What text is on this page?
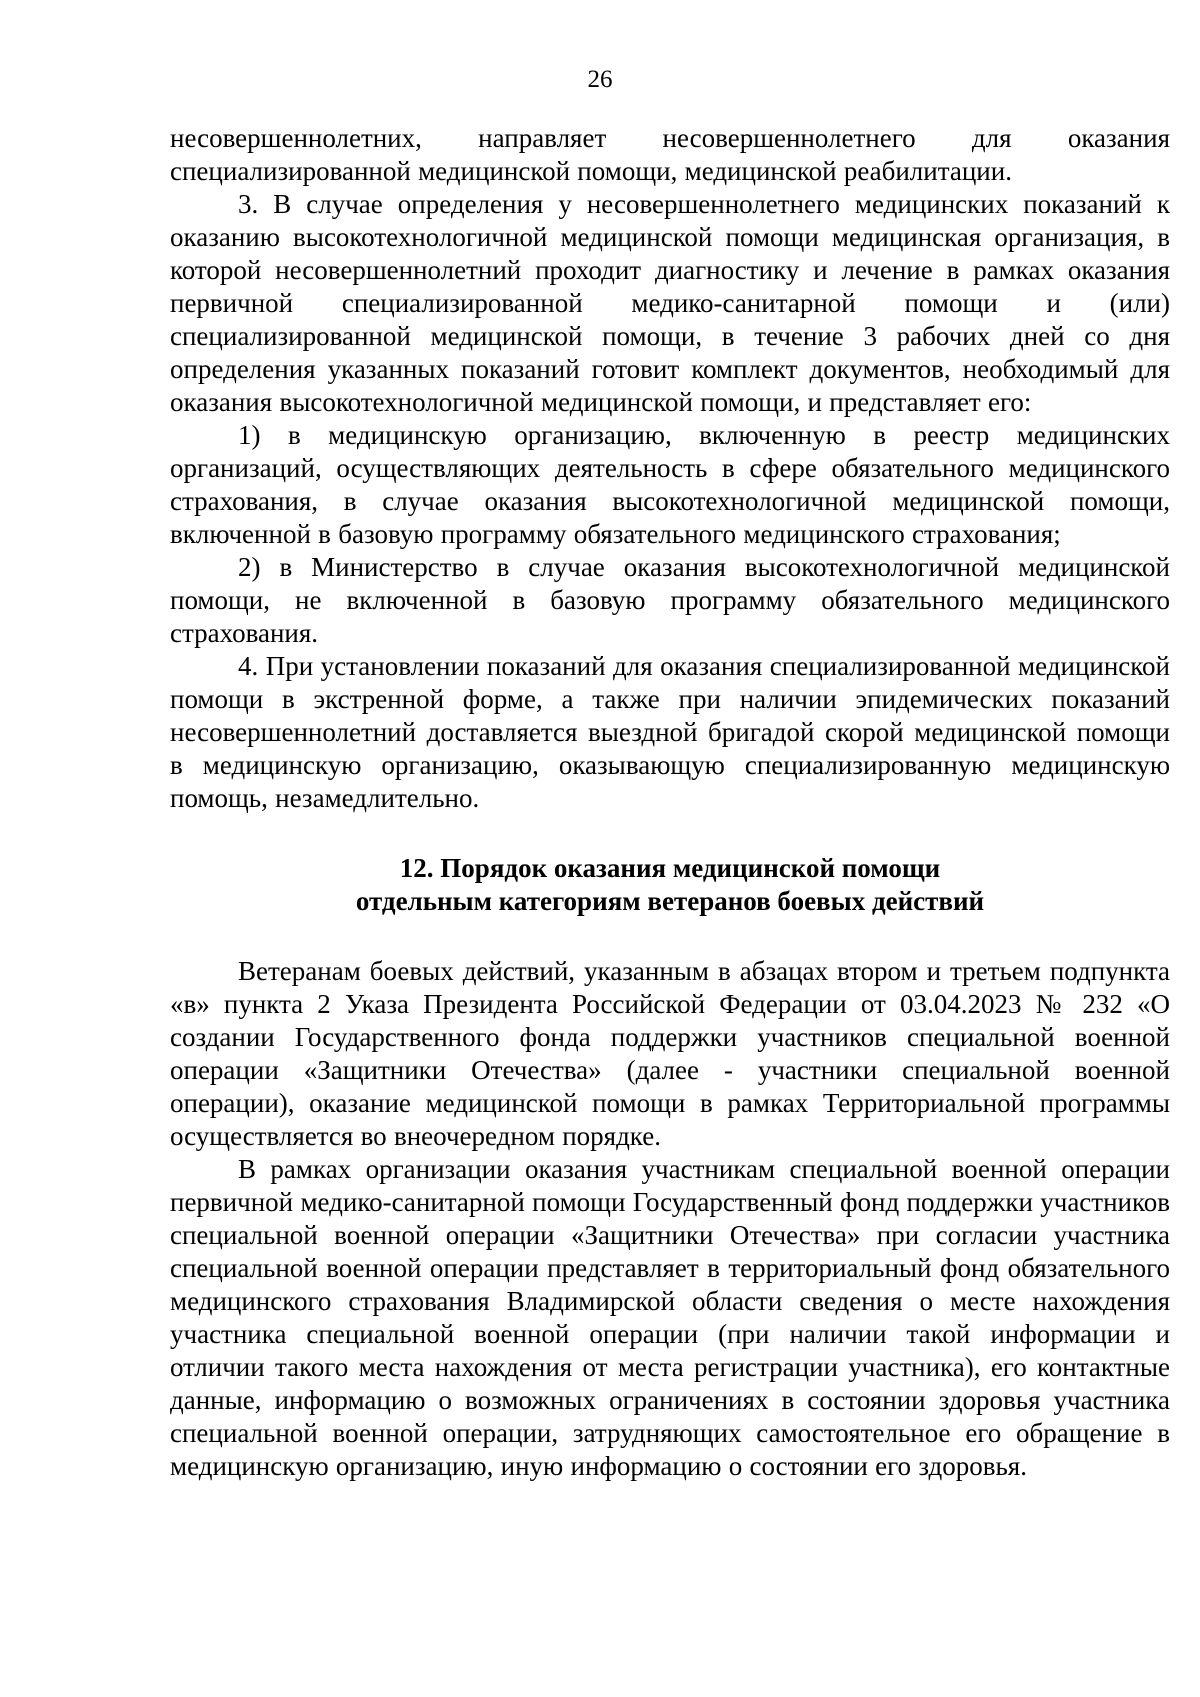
26

несовершеннолетних, направляет несовершеннолетнего для оказания специализированной медицинской помощи, медицинской реабилитации.

3. В случае определения у несовершеннолетнего медицинских показаний к оказанию высокотехнологичной медицинской помощи медицинская организация, в которой несовершеннолетний проходит диагностику и лечение в рамках оказания первичной специализированной медико-санитарной помощи и (или) специализированной медицинской помощи, в течение 3 рабочих дней со дня определения указанных показаний готовит комплект документов, необходимый для оказания высокотехнологичной медицинской помощи, и представляет его:

1) в медицинскую организацию, включенную в реестр медицинских организаций, осуществляющих деятельность в сфере обязательного медицинского страхования, в случае оказания высокотехнологичной медицинской помощи, включенной в базовую программу обязательного медицинского страхования;

2) в Министерство в случае оказания высокотехнологичной медицинской помощи, не включенной в базовую программу обязательного медицинского страхования.

4. При установлении показаний для оказания специализированной медицинской помощи в экстренной форме, а также при наличии эпидемических показаний несовершеннолетний доставляется выездной бригадой скорой медицинской помощи в медицинскую организацию, оказывающую специализированную медицинскую помощь, незамедлительно.

12. Порядок оказания медицинской помощи

отдельным категориям ветеранов боевых действий

Ветеранам боевых действий, указанным в абзацах втором и третьем подпункта «в» пункта 2 Указа Президента Российской Федерации от 03.04.2023 № 232 «О создании Государственного фонда поддержки участников специальной военной операции «Защитники Отечества» (далее - участники специальной военной операции), оказание медицинской помощи в рамках Территориальной программы осуществляется во внеочередном порядке.

В рамках организации оказания участникам специальной военной операции первичной медико-санитарной помощи Государственный фонд поддержки участников специальной военной операции «Защитники Отечества» при согласии участника специальной военной операции представляет в территориальный фонд обязательного медицинского страхования Владимирской области сведения о месте нахождения участника специальной военной операции (при наличии такой информации и отличии такого места нахождения от места регистрации участника), его контактные данные, информацию о возможных ограничениях в состоянии здоровья участника специальной военной операции, затрудняющих самостоятельное его обращение в медицинскую организацию, иную информацию о состоянии его здоровья.
